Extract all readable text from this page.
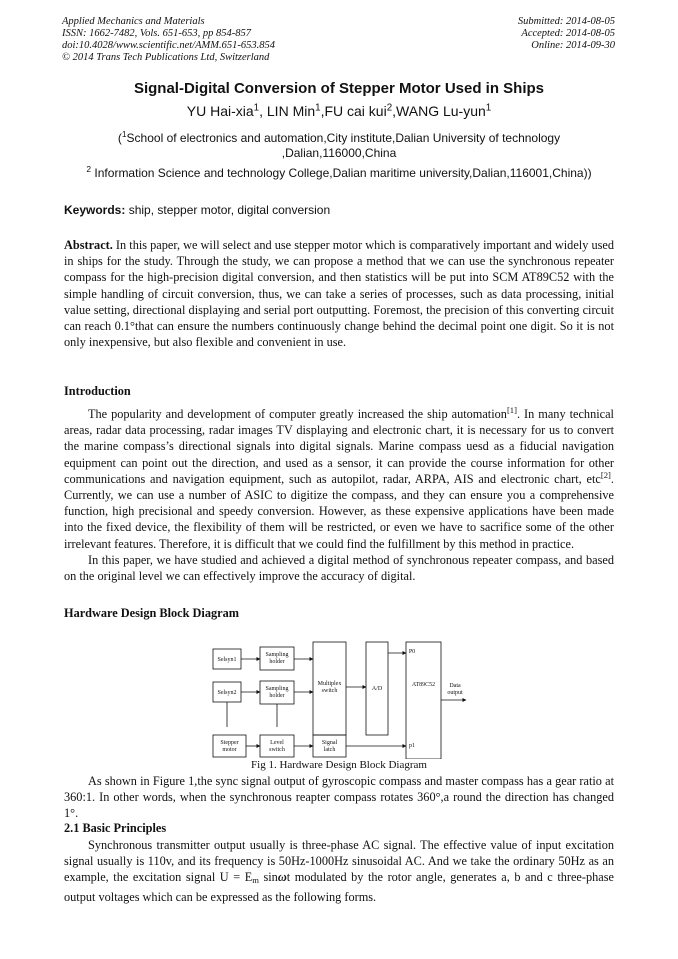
Applied Mechanics and Materials
ISSN: 1662-7482, Vols. 651-653, pp 854-857
doi:10.4028/www.scientific.net/AMM.651-653.854
© 2014 Trans Tech Publications Ltd, Switzerland
Submitted: 2014-08-05
Accepted: 2014-08-05
Online: 2014-09-30
Signal-Digital Conversion of Stepper Motor Used in Ships
YU Hai-xia$^1$, LIN Min$^1$,FU cai kui$^2$,WANG Lu-yun$^1$
($^1$School of electronics and automation,City institute,Dalian University of technology ,Dalian,116000,China
$^2$ Information Science and technology College,Dalian maritime university,Dalian,116001,China))
Keywords: ship, stepper motor, digital conversion
Abstract. In this paper, we will select and use stepper motor which is comparatively important and widely used in ships for the study. Through the study, we can propose a method that we can use the synchronous repeater compass for the high-precision digital conversion, and then statistics will be put into SCM AT89C52 with the simple handling of circuit conversion, thus, we can take a series of processes, such as data processing, initial value setting, directional displaying and serial port outputting. Foremost, the precision of this converting circuit can reach 0.1°that can ensure the numbers continuously change behind the decimal point one digit. So it is not only inexpensive, but also flexible and convenient in use.
Introduction

The popularity and development of computer greatly increased the ship automation[1]. In many technical areas, radar data processing, radar images TV displaying and electronic chart, it is necessary for us to convert the marine compass’s directional signals into digital signals. Marine compass uesd as a fiducial navigation equipment can point out the direction, and used as a sensor, it can provide the course information for other communications and navigation equipment, such as autopilot, radar, ARPA, AIS and electronic chart, etc[2]. Currently, we can use a number of ASIC to digitize the compass, and they can ensure you a comprehensive function, high precisional and speedy conversion. However, as these expensive applications have been made into the fixed device, the flexibility of them will be restricted, or even we have to sacrifice some of the other irrelevant features. Therefore, it is difficult that we could find the fulfillment by this method in practice.

In this paper, we have studied and achieved a digital method of synchronous repeater compass, and based on the original level we can effectively improve the accuracy of digital.

Hardware Design Block Diagram
Selsyn1
Selsyn2
Stepper
motor
Sampling
holder
Sampling
holder
Level
switch
Multiplex
switch
Signal
latch
A/D
P0
AT89C52
p1
Data
output
Fig 1. Hardware Design Block Diagram

As shown in Figure 1,the sync signal output of gyroscopic compass and master compass has a gear ratio at 360:1. In other words, when the synchronous reapter compass rotates 360°,a round the direction has changed 1°.

2.1 Basic Principles

Synchronous transmitter output usually is three-phase AC signal. The effective value of input excitation signal usually is 110v, and its frequency is 50Hz-1000Hz sinusoidal AC. And we take the ordinary 50Hz as an example, the excitation signal $U = E_m$ sinωt modulated by the rotor angle, generates a, b and c three-phase output voltages which can be expressed as the following forms.
